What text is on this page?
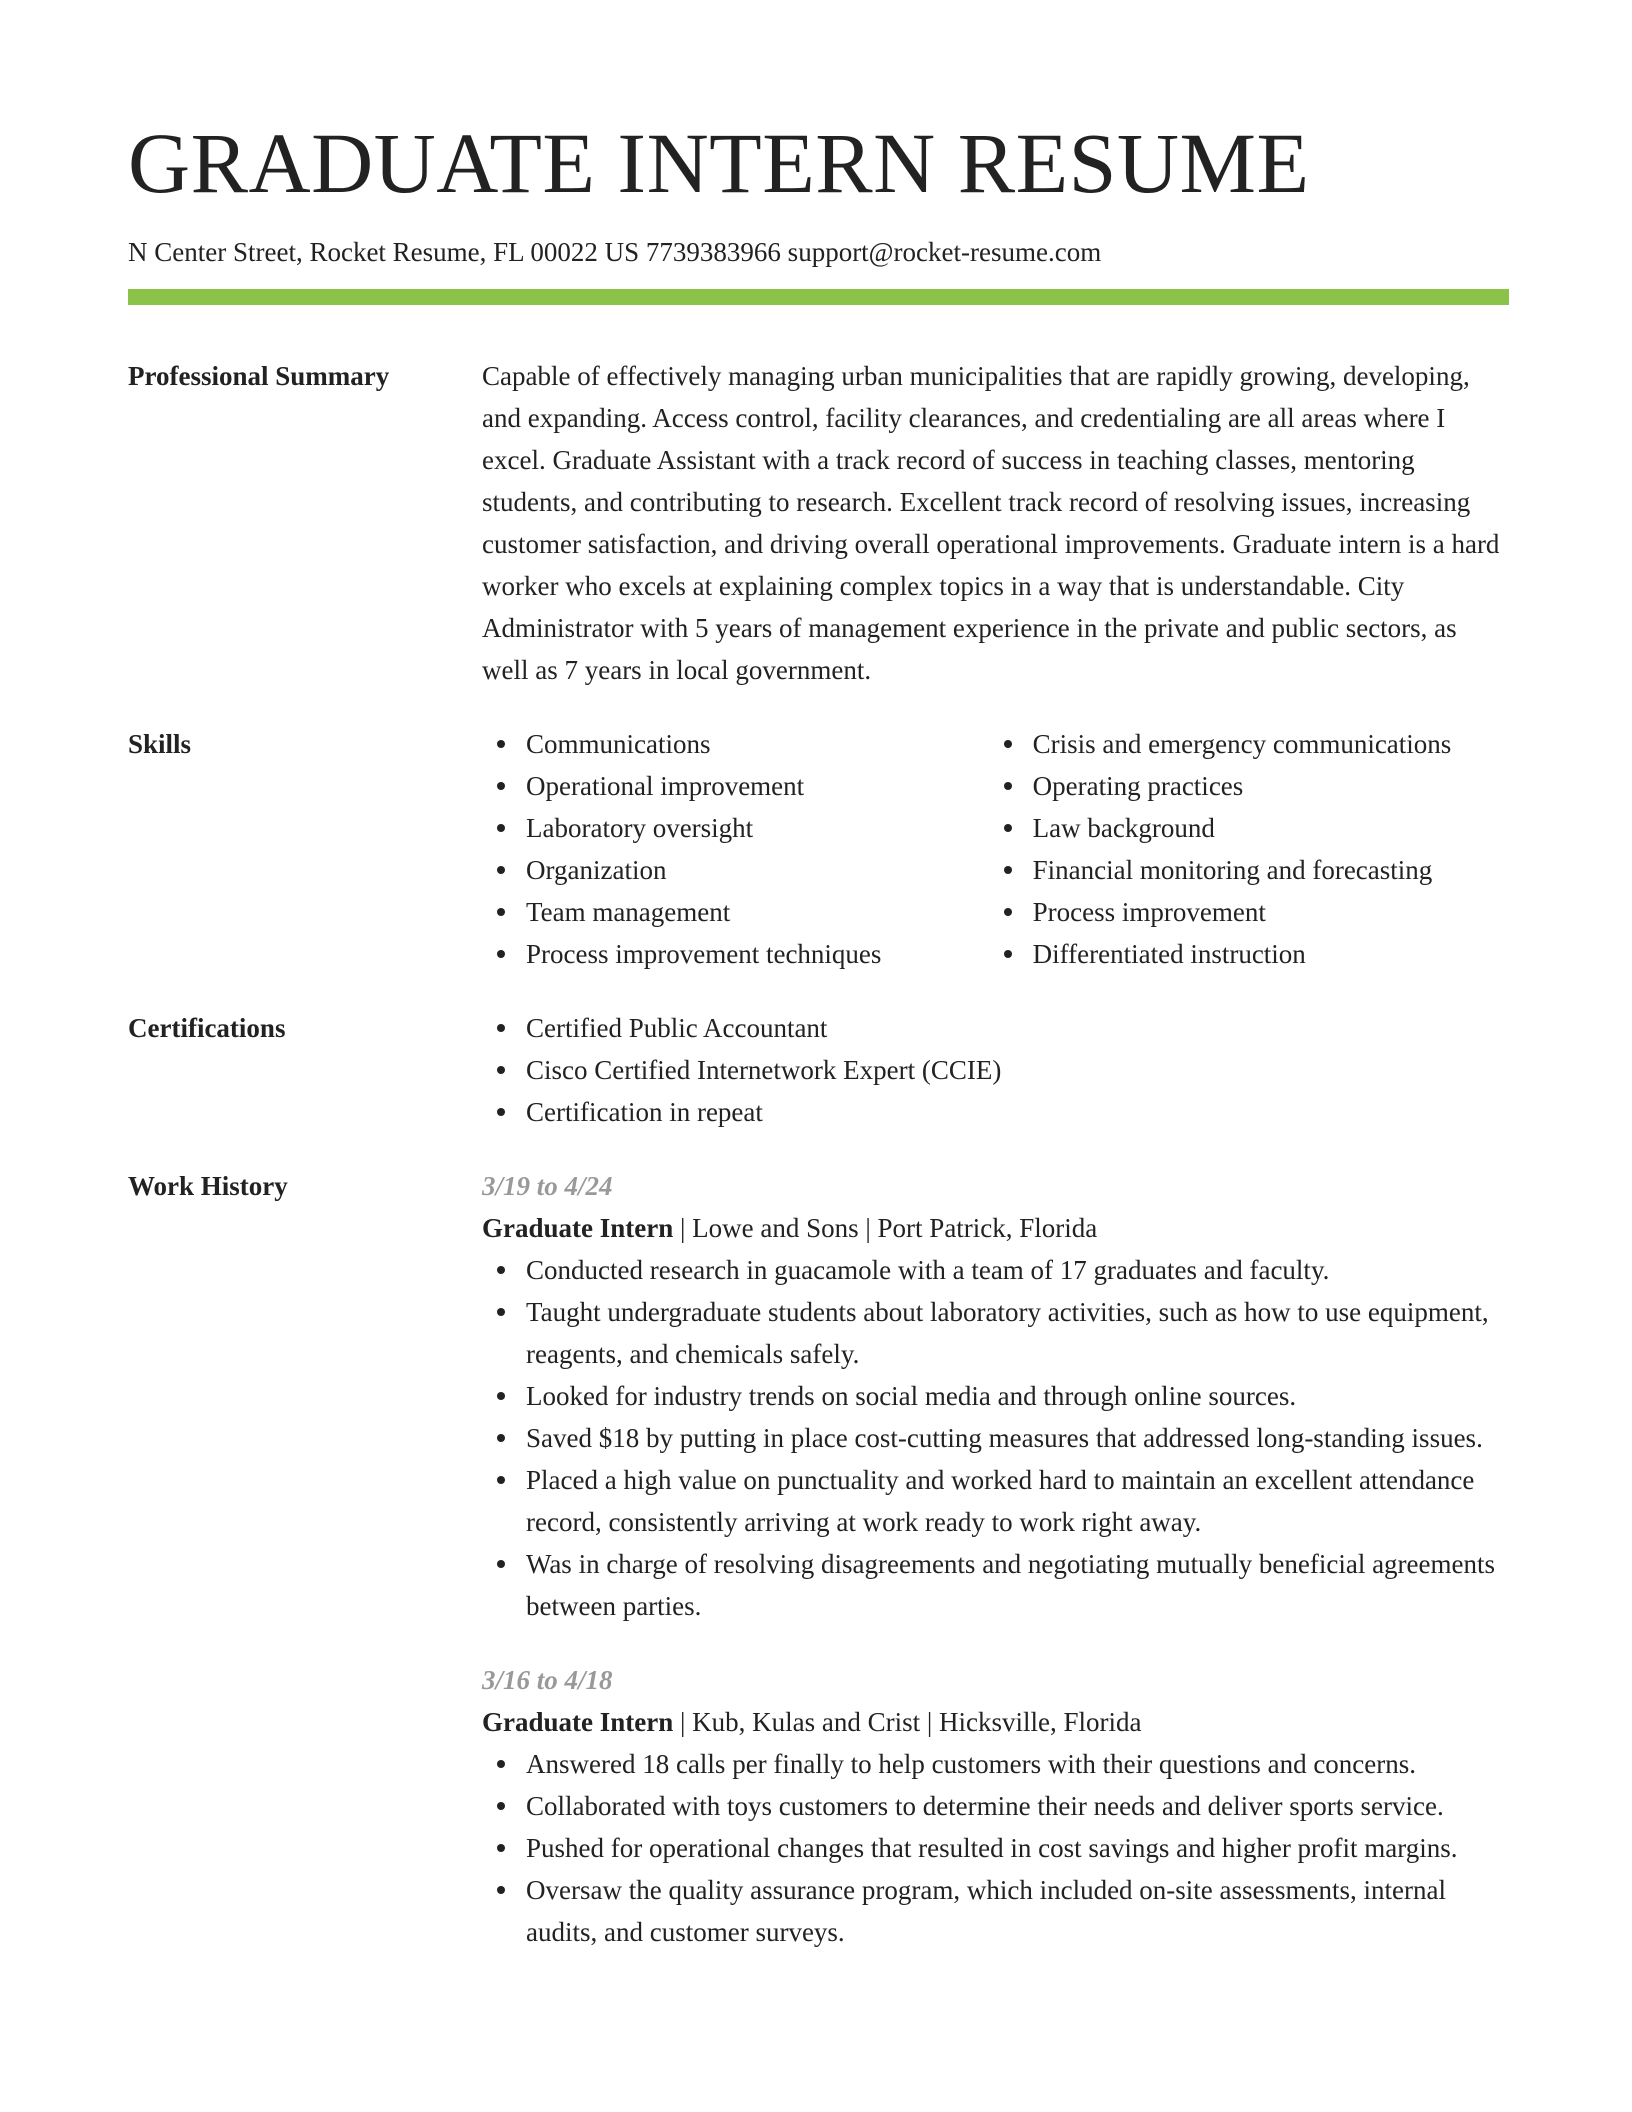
GRADUATE INTERN RESUME
N Center Street, Rocket Resume, FL 00022 US 7739383966 support@rocket-resume.com
Professional Summary	Capable of effectively managing urban municipalities that are rapidly growing, developing, and expanding. Access control, facility clearances, and credentialing are all areas where I excel. Graduate Assistant with a track record of success in teaching classes, mentoring students, and contributing to research. Excellent track record of resolving issues, increasing customer satisfaction, and driving overall operational improvements. Graduate intern is a hard worker who excels at explaining complex topics in a way that is understandable. City Administrator with 5 years of management experience in the private and public sectors, as well as 7 years in local government.
Skills	Communications
Operational improvement
Laboratory oversight
Organization
Team management
Process improvement techniques
Crisis and emergency communications
Operating practices
Law background
Financial monitoring and forecasting
Process improvement
Differentiated instruction
Certifications	Certified Public Accountant
Cisco Certified Internetwork Expert (CCIE)
Certification in repeat
Work History	3/19 to 4/24
Graduate Intern | Lowe and Sons | Port Patrick, Florida
Conducted research in guacamole with a team of 17 graduates and faculty.
Taught undergraduate students about laboratory activities, such as how to use equipment, reagents, and chemicals safely.
Looked for industry trends on social media and through online sources.
Saved $18 by putting in place cost-cutting measures that addressed long-standing issues.
Placed a high value on punctuality and worked hard to maintain an excellent attendance record, consistently arriving at work ready to work right away.
Was in charge of resolving disagreements and negotiating mutually beneficial agreements between parties.
3/16 to 4/18
Graduate Intern | Kub, Kulas and Crist | Hicksville, Florida
Answered 18 calls per finally to help customers with their questions and concerns.
Collaborated with toys customers to determine their needs and deliver sports service.
Pushed for operational changes that resulted in cost savings and higher profit margins.
Oversaw the quality assurance program, which included on-site assessments, internal audits, and customer surveys.
